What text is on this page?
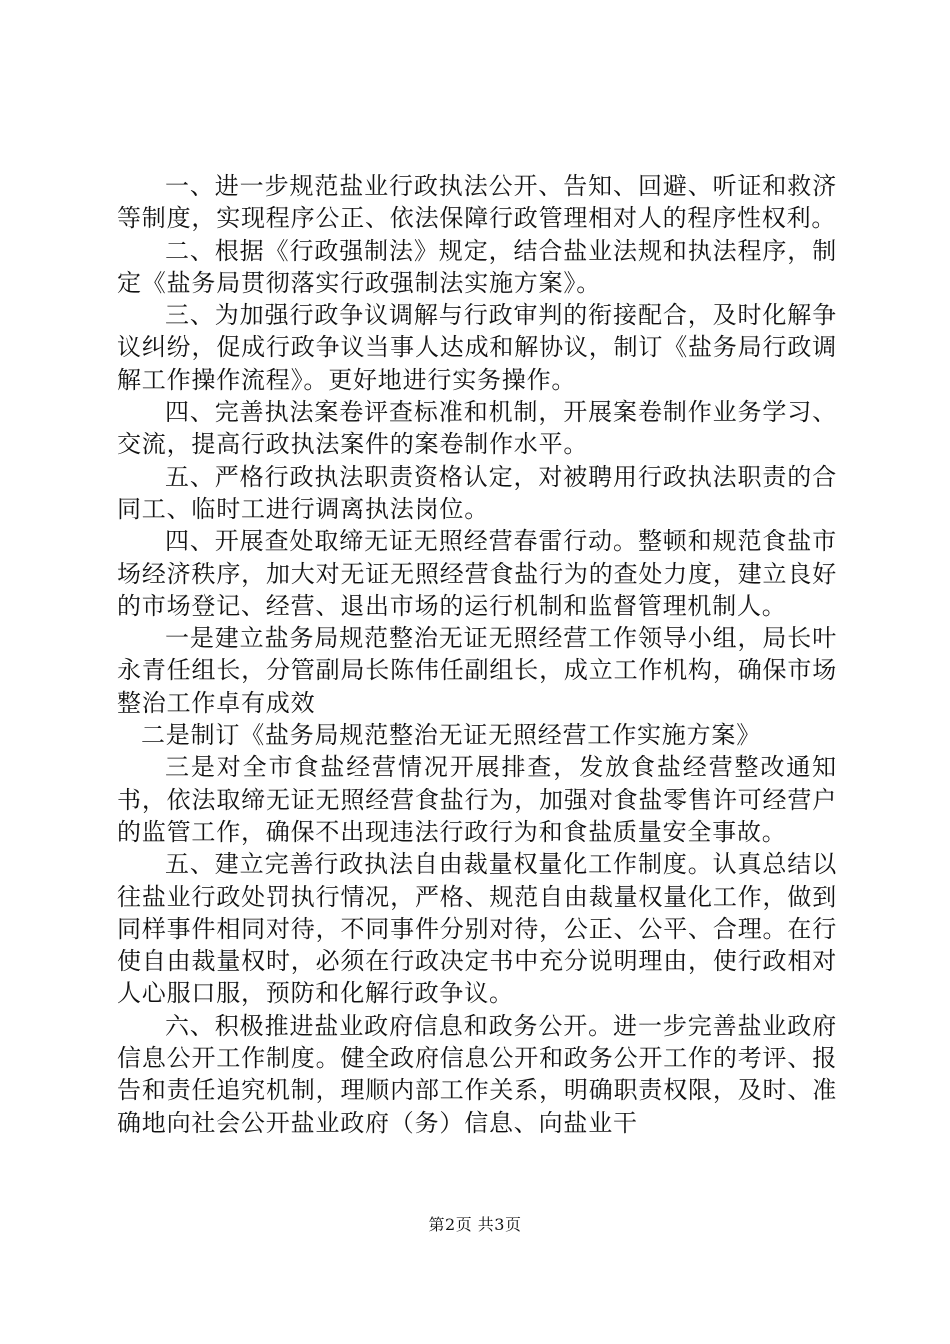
一、进一步规范盐业行政执法公开、告知、回避、听证和救济等制度，实现程序公正、依法保障行政管理相对人的程序性权利。

二、根据《行政强制法》规定，结合盐业法规和执法程序，制定《盐务局贯彻落实行政强制法实施方案》。

三、为加强行政争议调解与行政审判的衔接配合，及时化解争议纠纷，促成行政争议当事人达成和解协议，制订《盐务局行政调解工作操作流程》。更好地进行实务操作。

四、完善执法案卷评查标准和机制，开展案卷制作业务学习、交流，提高行政执法案件的案卷制作水平。

五、严格行政执法职责资格认定，对被聘用行政执法职责的合同工、临时工进行调离执法岗位。

四、开展查处取缔无证无照经营春雷行动。整顿和规范食盐市场经济秩序，加大对无证无照经营食盐行为的查处力度，建立良好的市场登记、经营、退出市场的运行机制和监督管理机制人。

一是建立盐务局规范整治无证无照经营工作领导小组，局长叶永青任组长，分管副局长陈伟任副组长，成立工作机构，确保市场整治工作卓有成效

二是制订《盐务局规范整治无证无照经营工作实施方案》

三是对全市食盐经营情况开展排查，发放食盐经营整改通知书，依法取缔无证无照经营食盐行为，加强对食盐零售许可经营户的监管工作，确保不出现违法行政行为和食盐质量安全事故。

五、建立完善行政执法自由裁量权量化工作制度。认真总结以往盐业行政处罚执行情况，严格、规范自由裁量权量化工作，做到同样事件相同对待，不同事件分别对待，公正、公平、合理。在行使自由裁量权时，必须在行政决定书中充分说明理由，使行政相对人心服口服，预防和化解行政争议。

六、积极推进盐业政府信息和政务公开。进一步完善盐业政府信息公开工作制度。健全政府信息公开和政务公开工作的考评、报告和责任追究机制，理顺内部工作关系，明确职责权限，及时、准确地向社会公开盐业政府（务）信息、向盐业干

第2页 共3页
